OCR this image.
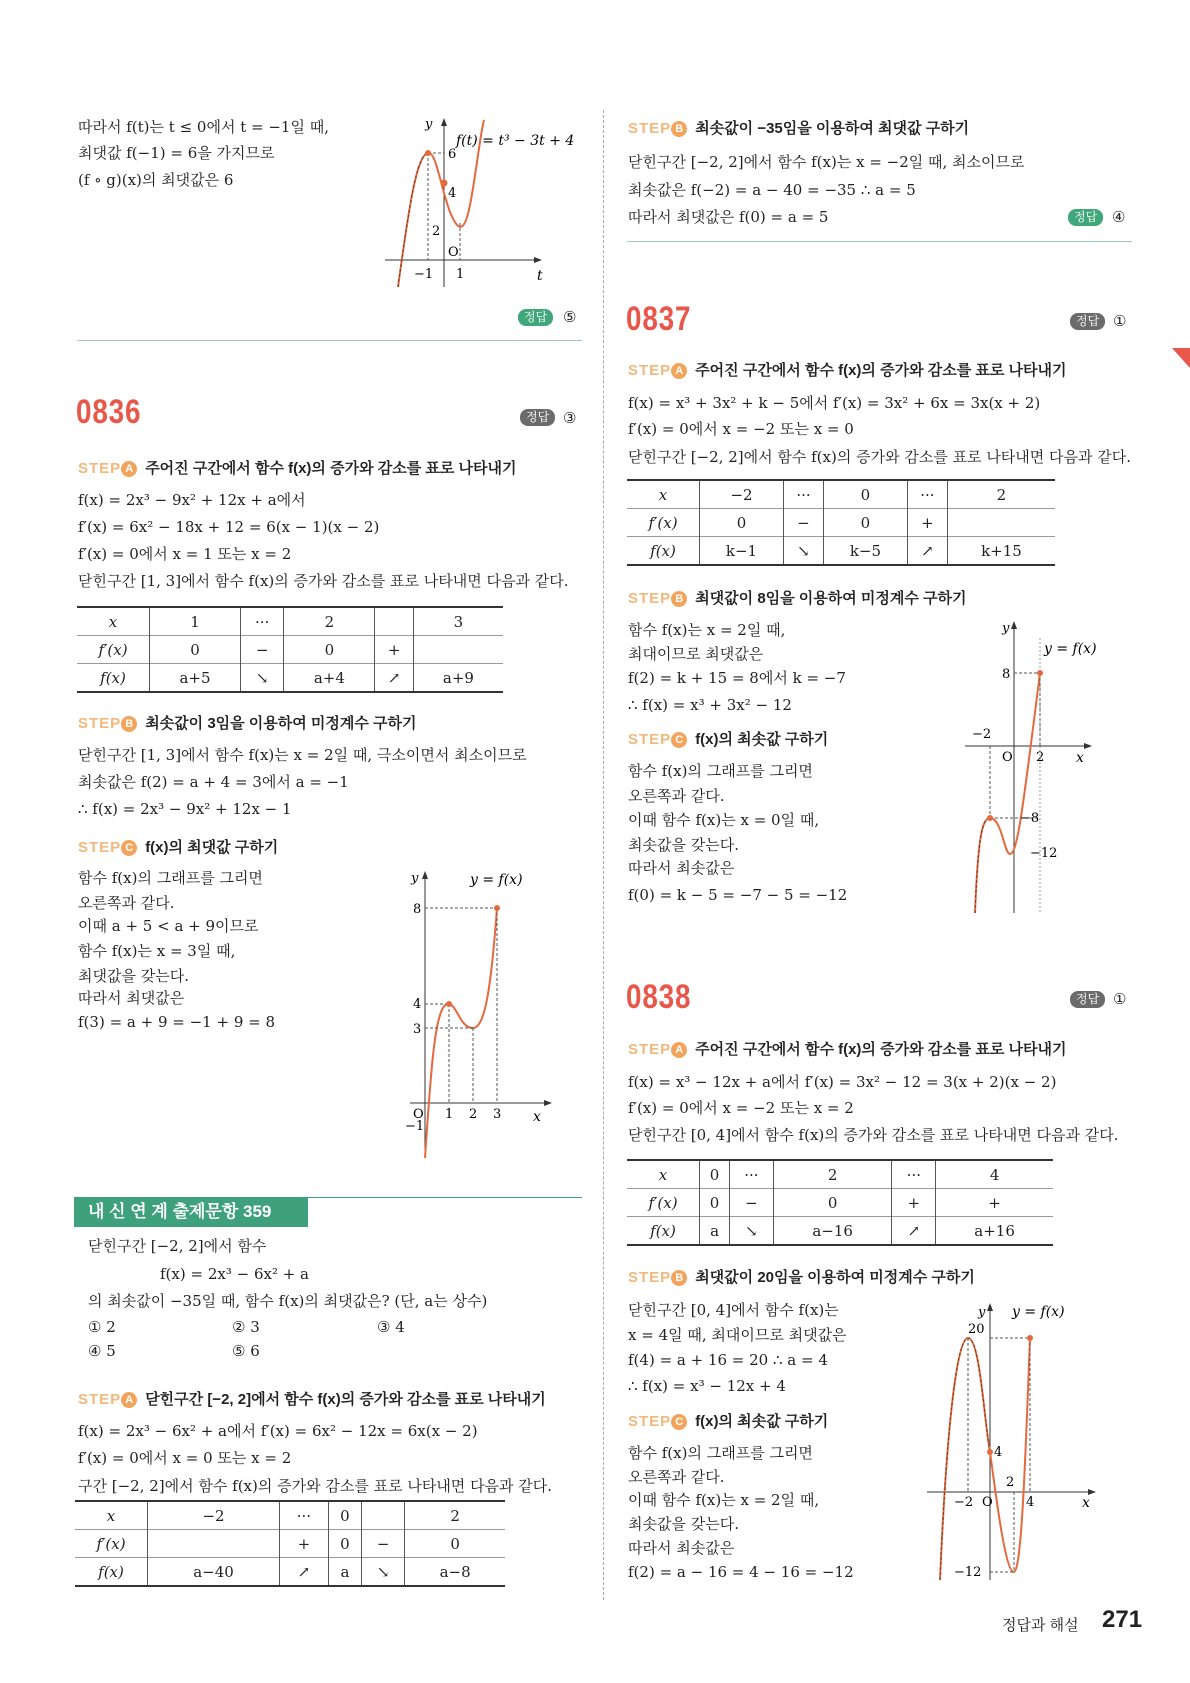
따라서 f(t)는 t ≤ 0에서 t = −1일 때,
최댓값 f(−1) = 6을 가지므로
(f ∘ g)(x)의 최댓값은 6
y
t
O
6
4
2
−1 1
f(t) = t³ − 3t + 4
정답	⑤
0836	정답 ③
STEP A 주어진 구간에서 함수 f(x)의 증가와 감소를 표로 나타내기
f(x) = 2x³ − 9x² + 12x + a에서
f′(x) = 6x² − 18x + 12 = 6(x − 1)(x − 2)
f′(x) = 0에서 x = 1 또는 x = 2
닫힌구간 [1, 3]에서 함수 f(x)의 증가와 감소를 표로 나타내면 다음과 같다.
x	1	···	2		3
f′(x)	0	−	0	+	
f(x)	a+5	↘	a+4	↗	a+9
STEP B 최솟값이 3임을 이용하여 미정계수 구하기
닫힌구간 [1, 3]에서 함수 f(x)는 x = 2일 때, 극소이면서 최소이므로
최솟값은 f(2) = a + 4 = 3에서 a = −1
∴ f(x) = 2x³ − 9x² + 12x − 1
STEP C f(x)의 최댓값 구하기
함수 f(x)의 그래프를 그리면
오른쪽과 같다.
이때 a + 5 < a + 9이므로
함수 f(x)는 x = 3일 때,
최댓값을 갖는다.
따라서 최댓값은
f(3) = a + 9 = −1 + 9 = 8
y
x
O
8
4
3
−1
1 2 3
y = f(x)
내 신 연 계 출제문항 359
닫힌구간 [−2, 2]에서 함수
f(x) = 2x³ − 6x² + a
의 최솟값이 −35일 때, 함수 f(x)의 최댓값은? (단, a는 상수)
① 2	② 3	③ 4
④ 5	⑤ 6
STEP A 닫힌구간 [−2, 2]에서 함수 f(x)의 증가와 감소를 표로 나타내기
f(x) = 2x³ − 6x² + a에서 f′(x) = 6x² − 12x = 6x(x − 2)
f′(x) = 0에서 x = 0 또는 x = 2
구간 [−2, 2]에서 함수 f(x)의 증가와 감소를 표로 나타내면 다음과 같다.
x	−2	···	0		2
f′(x)		+	0	−	0
f(x)	a−40	↗	a	↘	a−8
STEP B 최솟값이 −35임을 이용하여 최댓값 구하기
닫힌구간 [−2, 2]에서 함수 f(x)는 x = −2일 때, 최소이므로
최솟값은 f(−2) = a − 40 = −35 ∴ a = 5
따라서 최댓값은 f(0) = a = 5	정답 ④
0837	정답 ①
STEP A 주어진 구간에서 함수 f(x)의 증가와 감소를 표로 나타내기
f(x) = x³ + 3x² + k − 5에서 f′(x) = 3x² + 6x = 3x(x + 2)
f′(x) = 0에서 x = −2 또는 x = 0
닫힌구간 [−2, 2]에서 함수 f(x)의 증가와 감소를 표로 나타내면 다음과 같다.
x	−2	···	0	···	2
f′(x)	0	−	0	+	
f(x)	k−1	↘	k−5	↗	k+15
STEP B 최댓값이 8임을 이용하여 미정계수 구하기
함수 f(x)는 x = 2일 때,
최대이므로 최댓값은
f(2) = k + 15 = 8에서 k = −7
∴ f(x) = x³ + 3x² − 12
STEP C f(x)의 최솟값 구하기
함수 f(x)의 그래프를 그리면
오른쪽과 같다.
이때 함수 f(x)는 x = 0일 때,
최솟값을 갖는다.
따라서 최솟값은
f(0) = k − 5 = −7 − 5 = −12
y
x
O
8
−2
2
−8
−12
y = f(x)
0838	정답 ①
STEP A 주어진 구간에서 함수 f(x)의 증가와 감소를 표로 나타내기
f(x) = x³ − 12x + a에서 f′(x) = 3x² − 12 = 3(x + 2)(x − 2)
f′(x) = 0에서 x = −2 또는 x = 2
닫힌구간 [0, 4]에서 함수 f(x)의 증가와 감소를 표로 나타내면 다음과 같다.
x	0	···	2	···	4
f′(x)	0	−	0	+	+
f(x)	a	↘	a−16	↗	a+16
STEP B 최댓값이 20임을 이용하여 미정계수 구하기
닫힌구간 [0, 4]에서 함수 f(x)는
x = 4일 때, 최대이므로 최댓값은
f(4) = a + 16 = 20 ∴ a = 4
∴ f(x) = x³ − 12x + 4
STEP C f(x)의 최솟값 구하기
함수 f(x)의 그래프를 그리면
오른쪽과 같다.
이때 함수 f(x)는 x = 2일 때,
최솟값을 갖는다.
따라서 최솟값은
f(2) = a − 16 = 4 − 16 = −12
y
x
O
20
4
−2
2
4
−12
y = f(x)
정답과 해설 271
